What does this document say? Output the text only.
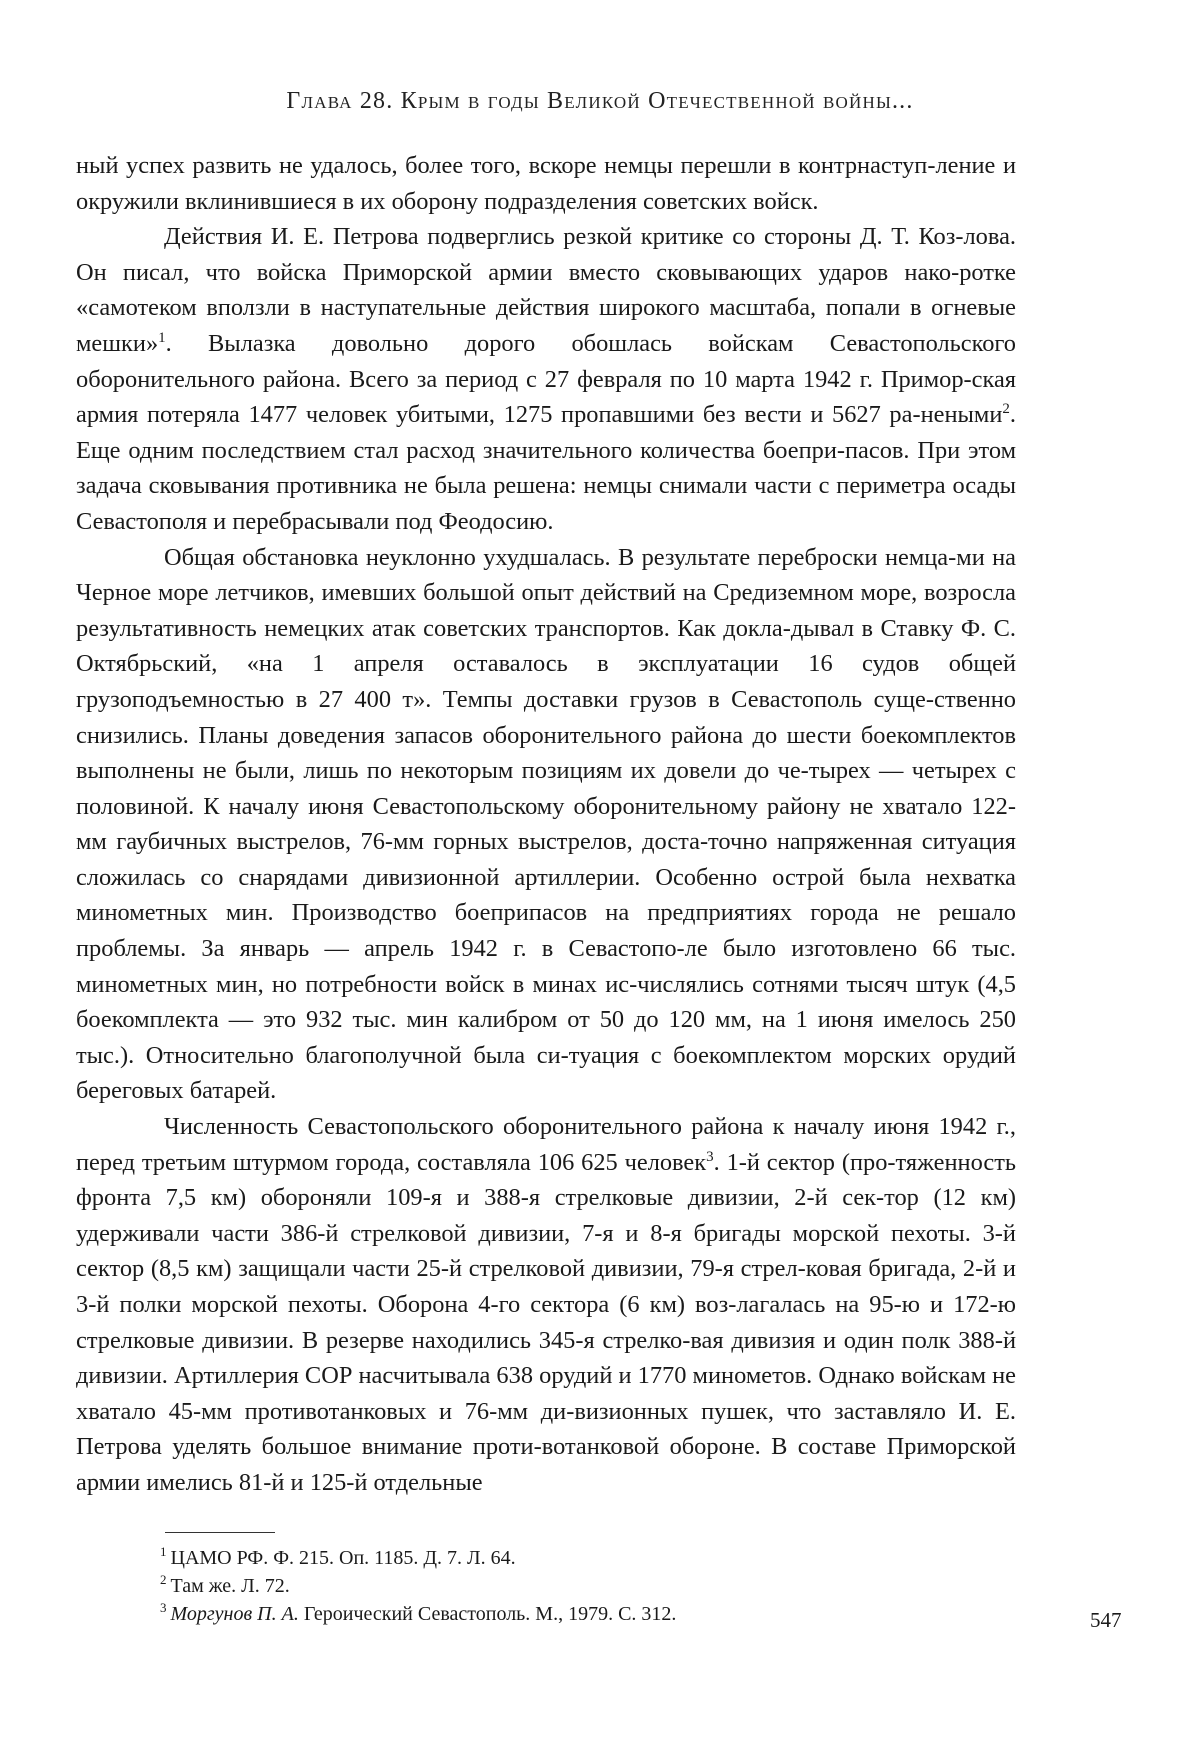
Глава 28. Крым в годы Великой Отечественной войны...

ный успех развить не удалось, более того, вскоре немцы перешли в контрнаступ-ление и окружили вклинившиеся в их оборону подразделения советских войск.

Действия И. Е. Петрова подверглись резкой критике со стороны Д. Т. Коз-лова. Он писал, что войска Приморской армии вместо сковывающих ударов нако-ротке «самотеком вползли в наступательные действия широкого масштаба, попали в огневые мешки»1. Вылазка довольно дорого обошлась войскам Севастопольского оборонительного района. Всего за период с 27 февраля по 10 марта 1942 г. Примор-ская армия потеряла 1477 человек убитыми, 1275 пропавшими без вести и 5627 ра-неными2. Еще одним последствием стал расход значительного количества боепри-пасов. При этом задача сковывания противника не была решена: немцы снимали части с периметра осады Севастополя и перебрасывали под Феодосию.

Общая обстановка неуклонно ухудшалась. В результате переброски немца-ми на Черное море летчиков, имевших большой опыт действий на Средиземном море, возросла результативность немецких атак советских транспортов. Как докла-дывал в Ставку Ф. С. Октябрьский, «на 1 апреля оставалось в эксплуатации 16 судов общей грузоподъемностью в 27 400 т». Темпы доставки грузов в Севастополь суще-ственно снизились. Планы доведения запасов оборонительного района до шести боекомплектов выполнены не были, лишь по некоторым позициям их довели до че-тырех — четырех с половиной. К началу июня Севастопольскому оборонительному району не хватало 122-мм гаубичных выстрелов, 76-мм горных выстрелов, доста-точно напряженная ситуация сложилась со снарядами дивизионной артиллерии. Особенно острой была нехватка минометных мин. Производство боеприпасов на предприятиях города не решало проблемы. За январь — апрель 1942 г. в Севастопо-ле было изготовлено 66 тыс. минометных мин, но потребности войск в минах ис-числялись сотнями тысяч штук (4,5 боекомплекта — это 932 тыс. мин калибром от 50 до 120 мм, на 1 июня имелось 250 тыс.). Относительно благополучной была си-туация с боекомплектом морских орудий береговых батарей.

Численность Севастопольского оборонительного района к началу июня 1942 г., перед третьим штурмом города, составляла 106 625 человек3. 1-й сектор (про-тяженность фронта 7,5 км) обороняли 109-я и 388-я стрелковые дивизии, 2-й сек-тор (12 км) удерживали части 386-й стрелковой дивизии, 7-я и 8-я бригады морской пехоты. 3-й сектор (8,5 км) защищали части 25-й стрелковой дивизии, 79-я стрел-ковая бригада, 2-й и 3-й полки морской пехоты. Оборона 4-го сектора (6 км) воз-лагалась на 95-ю и 172-ю стрелковые дивизии. В резерве находились 345-я стрелко-вая дивизия и один полк 388-й дивизии. Артиллерия СОР насчитывала 638 орудий и 1770 минометов. Однако войскам не хватало 45-мм противотанковых и 76-мм ди-визионных пушек, что заставляло И. Е. Петрова уделять большое внимание проти-вотанковой обороне. В составе Приморской армии имелись 81-й и 125-й отдельные

1 ЦАМО РФ. Ф. 215. Оп. 1185. Д. 7. Л. 64.

2 Там же. Л. 72.

3 Моргунов П. А. Героический Севастополь. М., 1979. С. 312.	547
